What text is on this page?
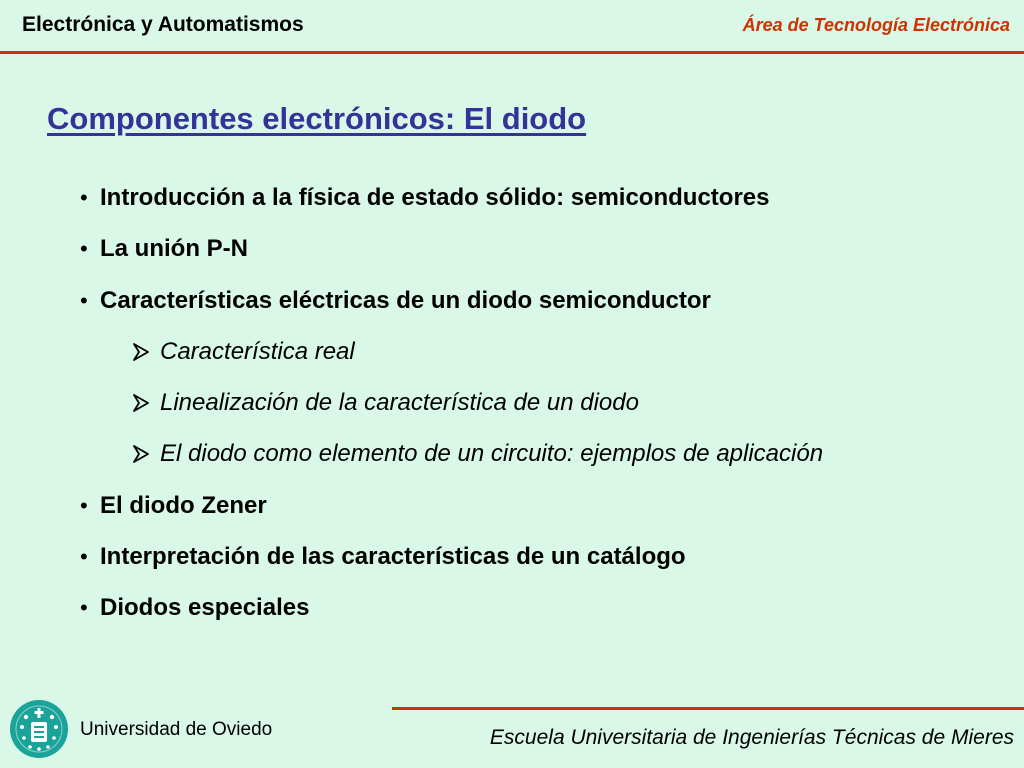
Electrónica y Automatismos	Área de Tecnología Electrónica
Componentes electrónicos: El diodo
• Introducción a la física de estado sólido: semiconductores
• La unión P-N
• Características eléctricas de un diodo semiconductor
Característica real
Linealización de la característica de un diodo
El diodo como elemento de un circuito: ejemplos de aplicación
• El diodo Zener
• Interpretación de las características de un catálogo
• Diodos especiales
Universidad de Oviedo	Escuela Universitaria de Ingenierías Técnicas de Mieres
